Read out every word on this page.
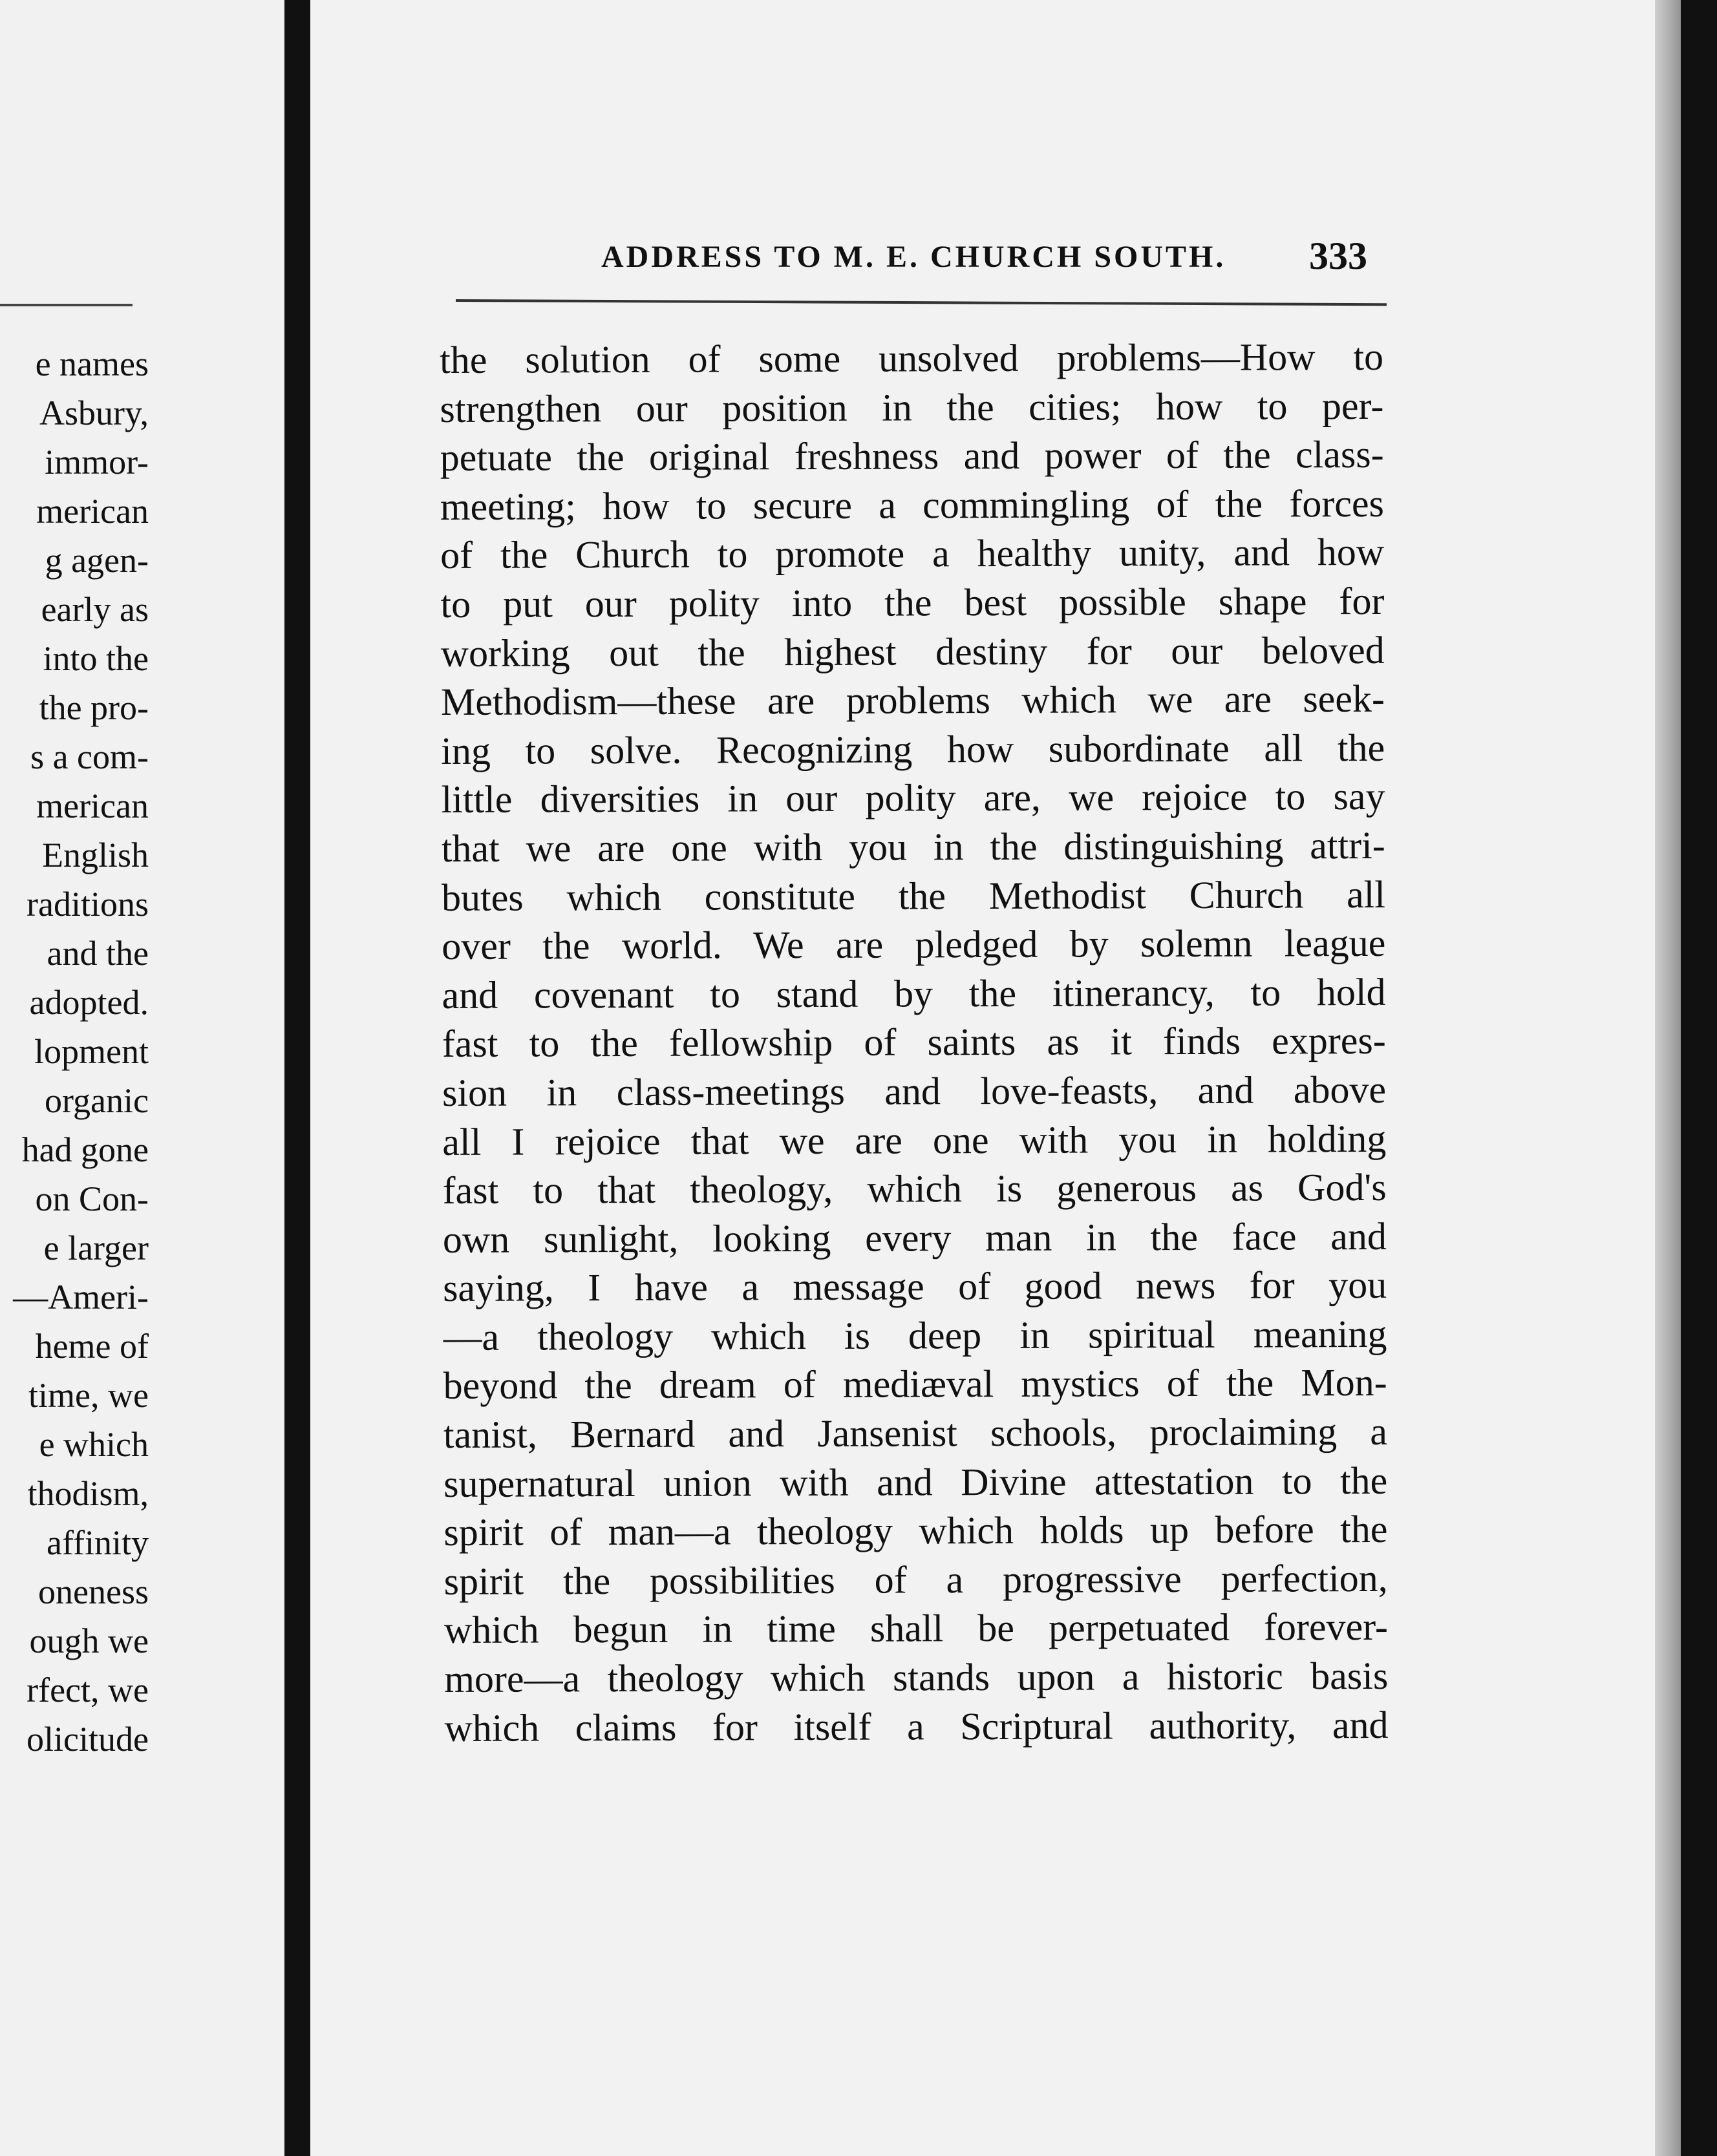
e names
Asbury,
immor-
merican
g agen-
early as
into the
the pro-
s a com-
merican
English
raditions
and the
adopted.
lopment
organic
had gone
on Con-
e larger
—Ameri-
heme of
time, we
e which
thodism,
affinity
oneness
ough we
rfect, we
olicitude
ADDRESS TO M. E. CHURCH SOUTH.	333
the solution of some unsolved problems—How to
strengthen our position in the cities; how to per-
petuate the original freshness and power of the class-
meeting; how to secure a commingling of the forces
of the Church to promote a healthy unity, and how
to put our polity into the best possible shape for
working out the highest destiny for our beloved
Methodism—these are problems which we are seek-
ing to solve. Recognizing how subordinate all the
little diversities in our polity are, we rejoice to say
that we are one with you in the distinguishing attri-
butes which constitute the Methodist Church all
over the world. We are pledged by solemn league
and covenant to stand by the itinerancy, to hold
fast to the fellowship of saints as it finds expres-
sion in class-meetings and love-feasts, and above
all I rejoice that we are one with you in holding
fast to that theology, which is generous as God's
own sunlight, looking every man in the face and
saying, I have a message of good news for you
—a theology which is deep in spiritual meaning
beyond the dream of mediæval mystics of the Mon-
tanist, Bernard and Jansenist schools, proclaiming a
supernatural union with and Divine attestation to the
spirit of man—a theology which holds up before the
spirit the possibilities of a progressive perfection,
which begun in time shall be perpetuated forever-
more—a theology which stands upon a historic basis
which claims for itself a Scriptural authority, and
